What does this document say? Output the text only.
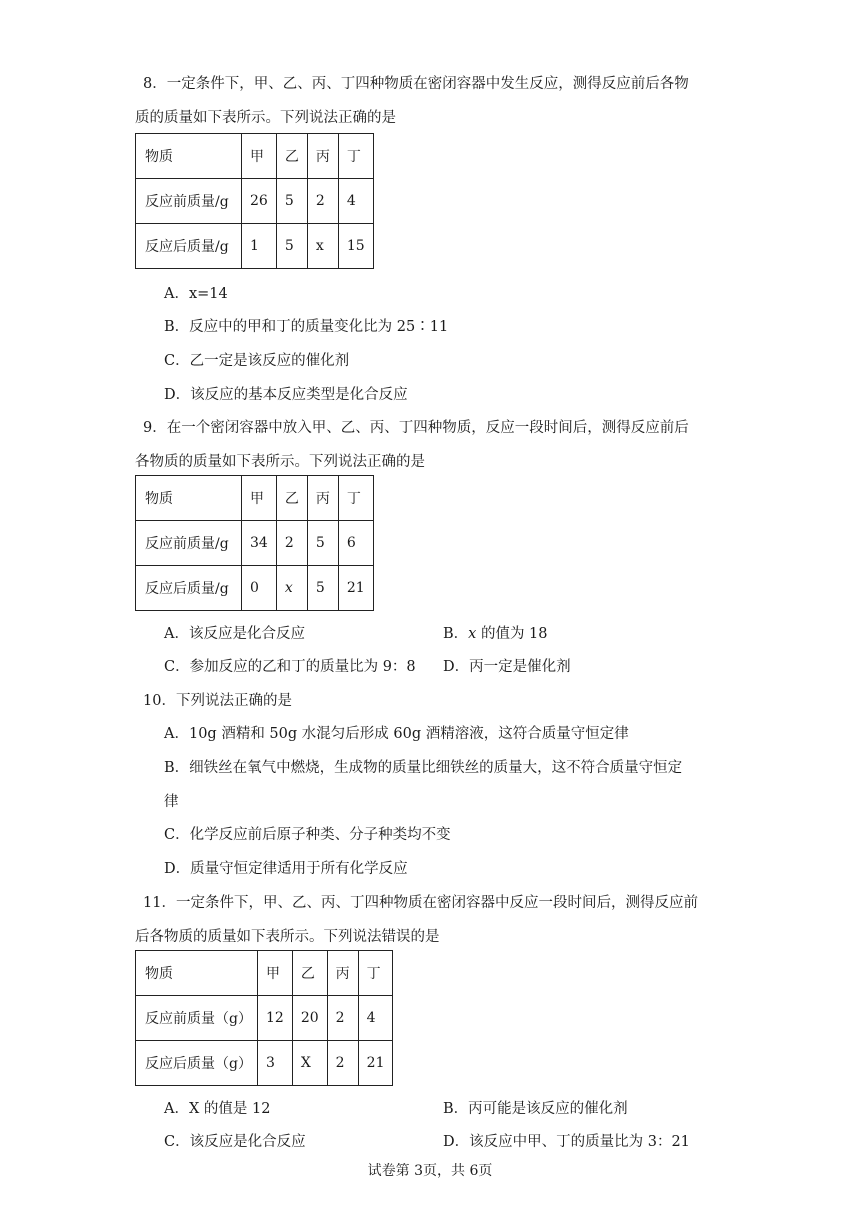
8．一定条件下，甲、乙、丙、丁四种物质在密闭容器中发生反应，测得反应前后各物
质的质量如下表所示。下列说法正确的是
物质	甲	乙	丙	丁
反应前质量/g	26	5	2	4
反应后质量/g	1	5	x	15
A．x=14
B．反应中的甲和丁的质量变化比为 25∶11
C．乙一定是该反应的催化剂
D．该反应的基本反应类型是化合反应
9．在一个密闭容器中放入甲、乙、丙、丁四种物质，反应一段时间后，测得反应前后
各物质的质量如下表所示。下列说法正确的是
物质	甲	乙	丙	丁
反应前质量/g	34	2	5	6
反应后质量/g	0	x	5	21
A．该反应是化合反应	B．x 的值为 18
C．参加反应的乙和丁的质量比为 9：8 D．丙一定是催化剂
10．下列说法正确的是
A．10g 酒精和 50g 水混匀后形成 60g 酒精溶液，这符合质量守恒定律
B．细铁丝在氧气中燃烧，生成物的质量比细铁丝的质量大，这不符合质量守恒定
律
C．化学反应前后原子种类、分子种类均不变
D．质量守恒定律适用于所有化学反应
11．一定条件下，甲、乙、丙、丁四种物质在密闭容器中反应一段时间后，测得反应前
后各物质的质量如下表所示。下列说法错误的是
物质	甲	乙	丙	丁
反应前质量（g）	12	20	2	4
反应后质量（g）	3	X	2	21
A．X 的值是 12	B．丙可能是该反应的催化剂
C．该反应是化合反应	D．该反应中甲、丁的质量比为 3：21
试卷第 3页，共 6页
